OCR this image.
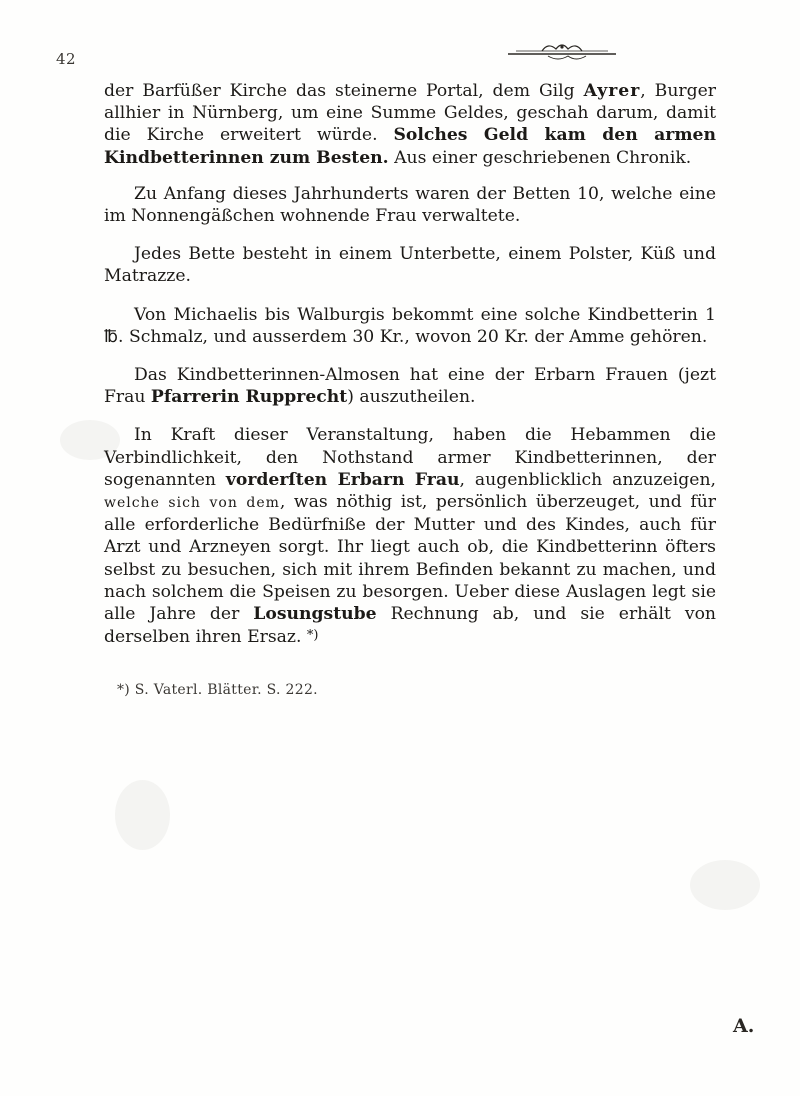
42

der Barfüßer Kirche das steinerne Portal, dem Gilg Ayrer, Burger allhier in Nürnberg, um eine Summe Geldes, geschah darum, damit die Kirche erweitert würde. Solches Geld kam den armen Kindbetterinnen zum Besten. Aus einer geschriebenen Chronik.

Zu Anfang dieses Jahrhunderts waren der Betten 10, welche eine im Nonnengäßchen wohnende Frau verwaltete.

Jedes Bette besteht in einem Unterbette, einem Polster, Küß und Matrazze.

Von Michaelis bis Walburgis bekommt eine solche Kindbetterin 1 ℔. Schmalz, und ausserdem 30 Kr., wovon 20 Kr. der Amme gehören.

Das Kindbetterinnen-Almosen hat eine der Erbarn Frauen (jezt Frau Pfarrerin Rupprecht) auszutheilen.

In Kraft dieser Veranstaltung, haben die Hebammen die Verbindlichkeit, den Nothstand armer Kindbetterinnen, der sogenannten vorderſten Erbarn Frau, augenblicklich anzuzeigen, welche sich von dem, was nöthig ist, persönlich überzeuget, und für alle erforderliche Bedürfniße der Mutter und des Kindes, auch für Arzt und Arzneyen sorgt. Ihr liegt auch ob, die Kindbetterinn öfters selbst zu besuchen, sich mit ihrem Befinden bekannt zu machen, und nach solchem die Speisen zu besorgen. Ueber diese Auslagen legt sie alle Jahre der Losungstube Rechnung ab, und sie erhält von derselben ihren Ersaz. *)

*) S. Vaterl. Blätter. S. 222.
A.
